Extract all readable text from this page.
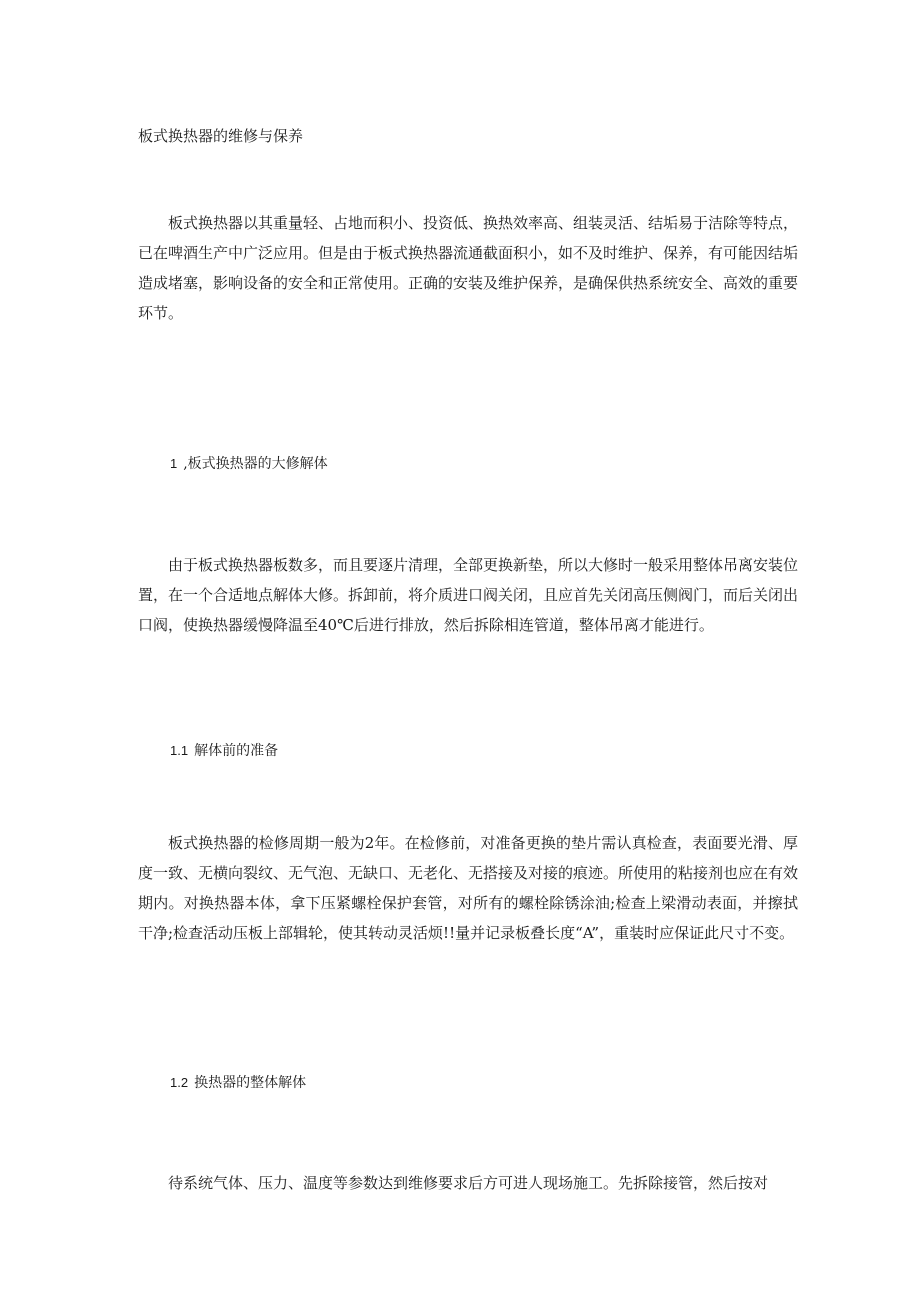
板式换热器的维修与保养

板式换热器以其重量轻、占地而积小、投资低、换热效率高、组装灵活、结垢易于洁除等特点，已在啤酒生产中广泛应用。但是由于板式换热器流通截面积小，如不及时维护、保养，有可能因结垢造成堵塞，影响设备的安全和正常使用。正确的安装及维护保养，是确保供热系统安全、高效的重要环节。

1 ,板式换热器的大修解体

由于板式换热器板数多，而且要逐片清理，全部更换新垫，所以大修时一般采用整体吊离安装位置，在一个合适地点解体大修。拆卸前，将介质进口阀关闭，且应首先关闭高压侧阀门，而后关闭出口阀，使换热器缓慢降温至40℃后进行排放，然后拆除相连管道，整体吊离才能进行。

1.1 解体前的准备

板式换热器的检修周期一般为2年。在检修前，对准备更换的垫片需认真检查，表面要光滑、厚度一致、无横向裂纹、无气泡、无缺口、无老化、无搭接及对接的痕迹。所使用的粘接剂也应在有效期内。对换热器本体，拿下压紧螺栓保护套管，对所有的螺栓除锈涂油;检查上梁滑动表面，并擦拭干净;检查活动压板上部辑轮，使其转动灵活烦!!量并记录板叠长度“A”，重装时应保证此尺寸不变。

1.2 换热器的整体解体

待系统气体、压力、温度等参数达到维修要求后方可进人现场施工。先拆除接管，然后按对
